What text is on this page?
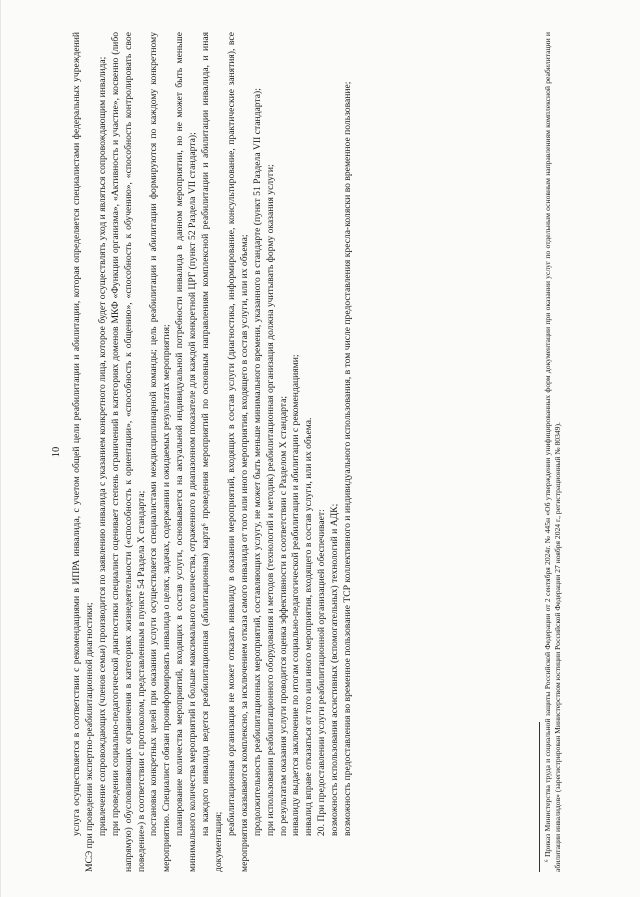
10 услуга осуществляется в соответствии с рекомендациями в ИПРА инвалида, с учетом общей цели реабилитации и абилитации, которая определяется специалистами федеральных учреждений МСЭ при проведении экспертно-реабилитационной диагностики; привлечение сопровождающих (членов семьи) производится по заявлению инвалида с указанием конкретного лица, которое будет осуществлять уход и являться сопровождающим инвалида; при проведении социально-педагогической диагностики специалист оценивает степень ограничений в категориях доменов МКФ «Функции организма», «Активность и участие», косвенно (либо напрямую) обусловливающих ограничения в категориях жизнедеятельности («способность к ориентации», «способность к общению», «способность к обучению», «способность контролировать свое поведение») в соответствии с протоколом, представленным в пункте 54 Раздела X стандарта; постановка конкретных целей при оказании услуги осуществляется специалистами междисциплинарной команды; цель реабилитации и абилитации формируются по каждому конкретному мероприятию. Специалист обязан проинформировать инвалида о целях, задачах, содержании и ожидаемых результатах мероприятия; планирование количества мероприятий, входящих в состав услуги, основывается на актуальной индивидуальной потребности инвалида в данном мероприятии, но не может быть меньше минимального количества мероприятий и больше максимального количества, отраженного в диапазонном показателе для каждой конкретной ЦРГ (пункт 52 Раздела VII стандарта); на каждого инвалида ведется реабилитационная (абилитационная) карта⁶ проведения мероприятий по основным направлениям комплексной реабилитации и абилитации инвалида, и иная документация;

реабилитационная организация не может отказать инвалиду в оказании мероприятий, входящих в состав услуги (диагностика, информирование, консультирование, практические занятия), все мероприятия оказываются комплексно, за исключением отказа самого инвалида от того или иного мероприятия, входящего в состав услуги, или их объема; продолжительность реабилитационных мероприятий, составляющих услугу, не может быть меньше минимального времени, указанного в стандарте (пункт 51 Раздела VII стандарта); при использовании реабилитационного оборудования и методов (технологий и методик) реабилитационная организация должна учитывать форму оказания услуги; по результатам оказания услуги проводится оценка эффективности в соответствии с Разделом X стандарта; инвалиду выдается заключение по итогам социально-педагогической реабилитации и абилитации с рекомендациями; инвалид вправе отказаться от того или иного мероприятия, входящего в состав услуги, или их объема. 20. При предоставлении услуги реабилитационной организацией обеспечивает: возможность использования ассистивных (вспомогательных) технологий и АДК; возможность предоставления во временное пользование ТСР коллективного и индивидуального использования, в том числе предоставления кресла-коляски во временное пользование;	⁶ Приказ Министерства труда и социальной защиты Российской Федерации от 2 сентября 2024г. № 445н «Об утверждении унифицированных форм документации при оказании услуг по отдельным основным направлениям комплексной реабилитации и абилитации инвалидов» (зарегистрирован Министерством юстиции Российской Федерации 27 ноября 2024 г., регистрационный № 80349).
